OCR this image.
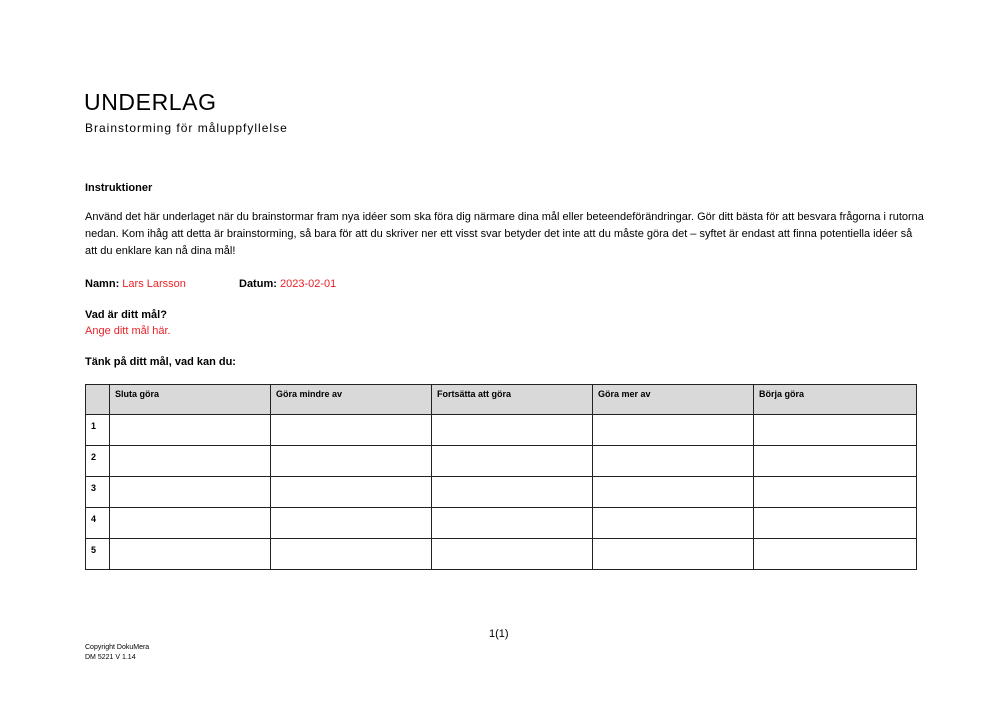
UNDERLAG
Brainstorming för måluppfyllelse
Instruktioner

Använd det här underlaget när du brainstormar fram nya idéer som ska föra dig närmare dina mål eller beteendeförändringar. Gör ditt bästa för att besvara frågorna i rutorna nedan. Kom ihåg att detta är brainstorming, så bara för att du skriver ner ett visst svar betyder det inte att du måste göra det – syftet är endast att finna potentiella idéer så att du enklare kan nå dina mål!

Namn: Lars Larsson	Datum: 2023-02-01
Vad är ditt mål?
Ange ditt mål här.
Tänk på ditt mål, vad kan du:
	Sluta göra	Göra mindre av	Fortsätta att göra	Göra mer av	Börja göra
1					
2					
3					
4					
5					
1(1)
Copyright DokuMera
DM 5221 V 1.14
